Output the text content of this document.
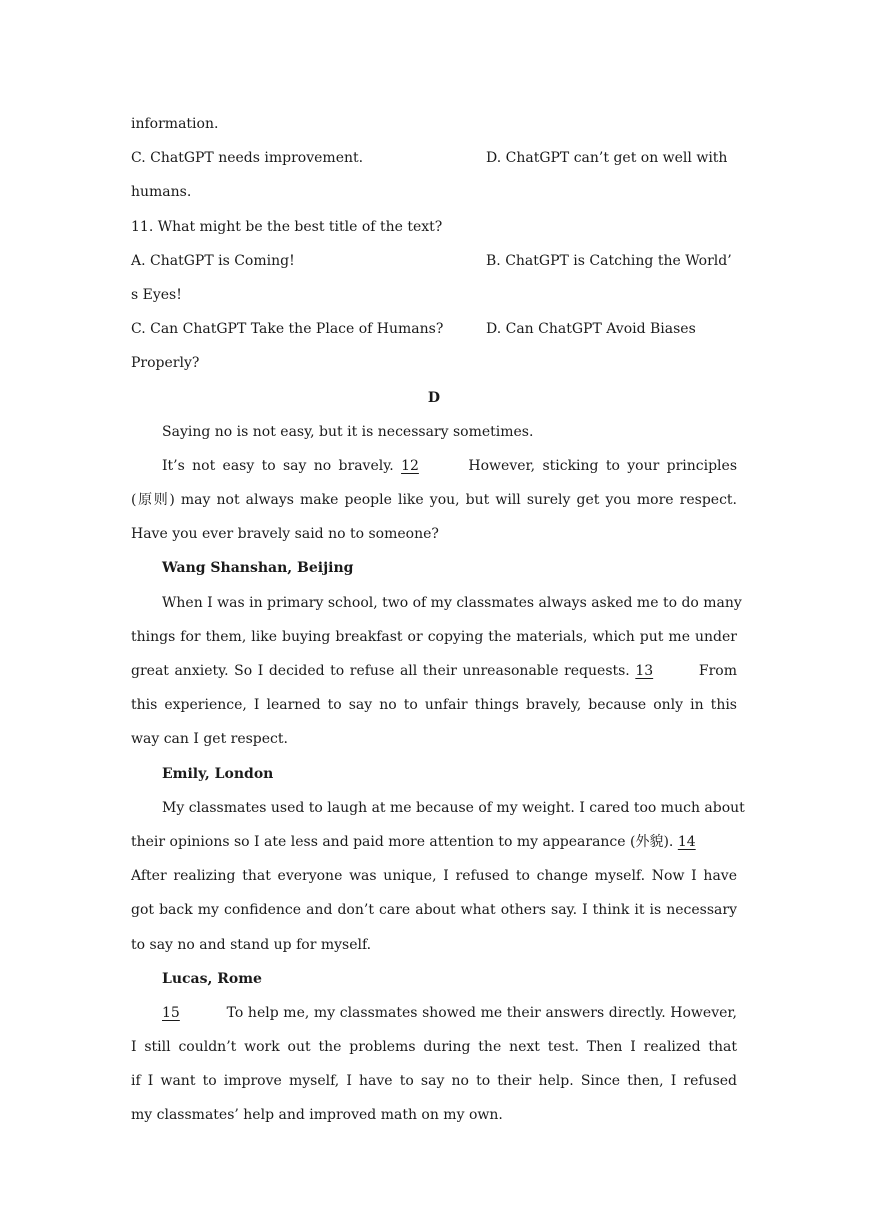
information.
C. ChatGPT needs improvement.	D. ChatGPT can’t get on well with
humans.
11. What might be the best title of the text?
A. ChatGPT is Coming!	B. ChatGPT is Catching the World’
s Eyes!
C. Can ChatGPT Take the Place of Humans?	D. Can ChatGPT Avoid Biases
Properly?
D
Saying no is not easy, but it is necessary sometimes.
It’s not easy to say no bravely. 12	However, sticking to your principles
(原则) may not always make people like you, but will surely get you more respect.
Have you ever bravely said no to someone?
Wang Shanshan, Beijing
When I was in primary school, two of my classmates always asked me to do many
things for them, like buying breakfast or copying the materials, which put me under
great anxiety. So I decided to refuse all their unreasonable requests. 13	From
this experience, I learned to say no to unfair things bravely, because only in this
way can I get respect.
Emily, London
My classmates used to laugh at me because of my weight. I cared too much about
their opinions so I ate less and paid more attention to my appearance (外貌). 14
After realizing that everyone was unique, I refused to change myself. Now I have
got back my confidence and don’t care about what others say. I think it is necessary
to say no and stand up for myself.
Lucas, Rome
15	To help me, my classmates showed me their answers directly. However,
I still couldn’t work out the problems during the next test. Then I realized that
if I want to improve myself, I have to say no to their help. Since then, I refused
my classmates’ help and improved math on my own.
